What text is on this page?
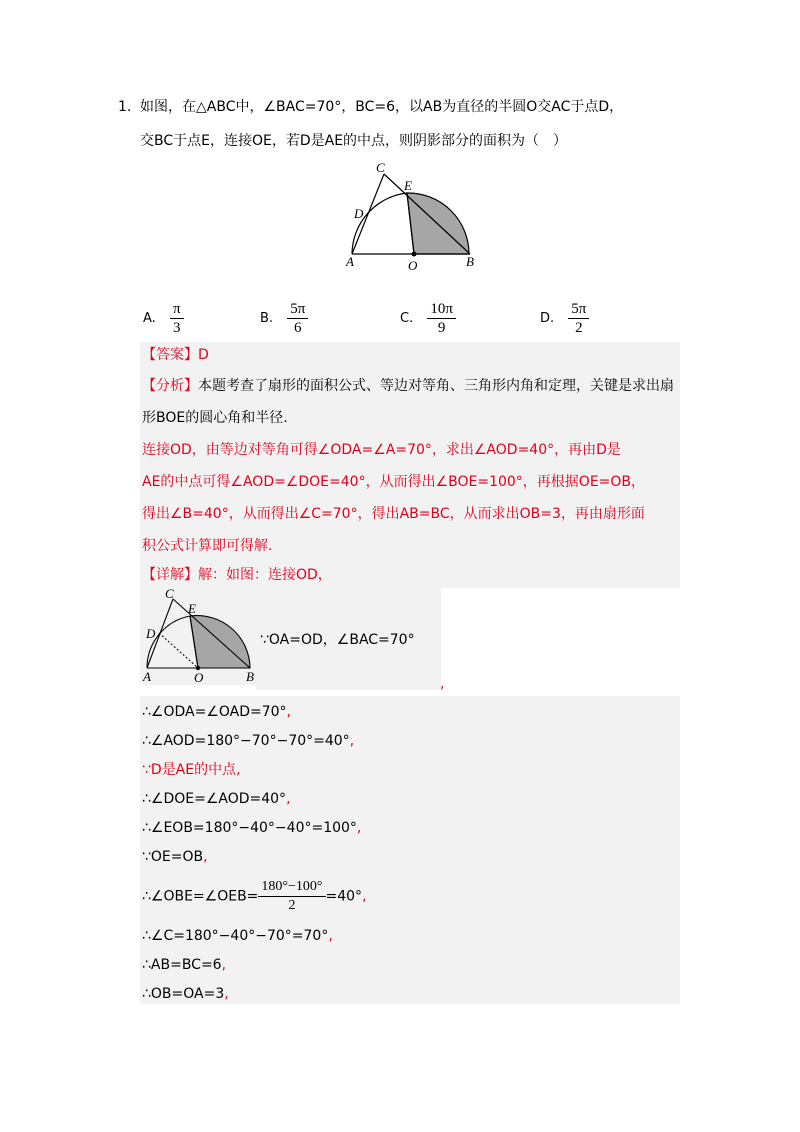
1. 如图，在△ABC中，∠BAC=70°，BC=6，以AB为直径的半圆O交AC于点D，
交BC于点E，连接OE，若D是AE的中点，则阴影部分的面积为（　）
A	B
C
D
E
O
A. $\frac{\pi}{3}$	B. $\frac{5\pi}{6}$	C. $\frac{10\pi}{9}$	D. $\frac{5\pi}{2}$
【答案】D
【分析】本题考查了扇形的面积公式、等边对等角、三角形内角和定理，关键是求出扇
形BOE的圆心角和半径.
连接OD，由等边对等角可得∠ODA=∠A=70°，求出∠AOD=40°，再由D是
AE的中点可得∠AOD=∠DOE=40°，从而得出∠BOE=100°，再根据OE=OB，
得出∠B=40°，从而得出∠C=70°，得出AB=BC，从而求出OB=3，再由扇形面
积公式计算即可得解.
【详解】解：如图：连接OD，
A	B
C
D
E
O
∵OA=OD，∠BAC=70°
,
∴∠ODA=∠OAD=70°,
∴∠AOD=180°−70°−70°=40°,
∵D是AE的中点,
∴∠DOE=∠AOD=40°,
∴∠EOB=180°−40°−40°=100°,
∵OE=OB,
∴∠OBE=∠OEB= $\frac{180^\circ-100^\circ}{2} =40^\circ$,
∴∠C=180°−40°−70°=70°,
∴AB=BC=6,
∴OB=OA=3,
